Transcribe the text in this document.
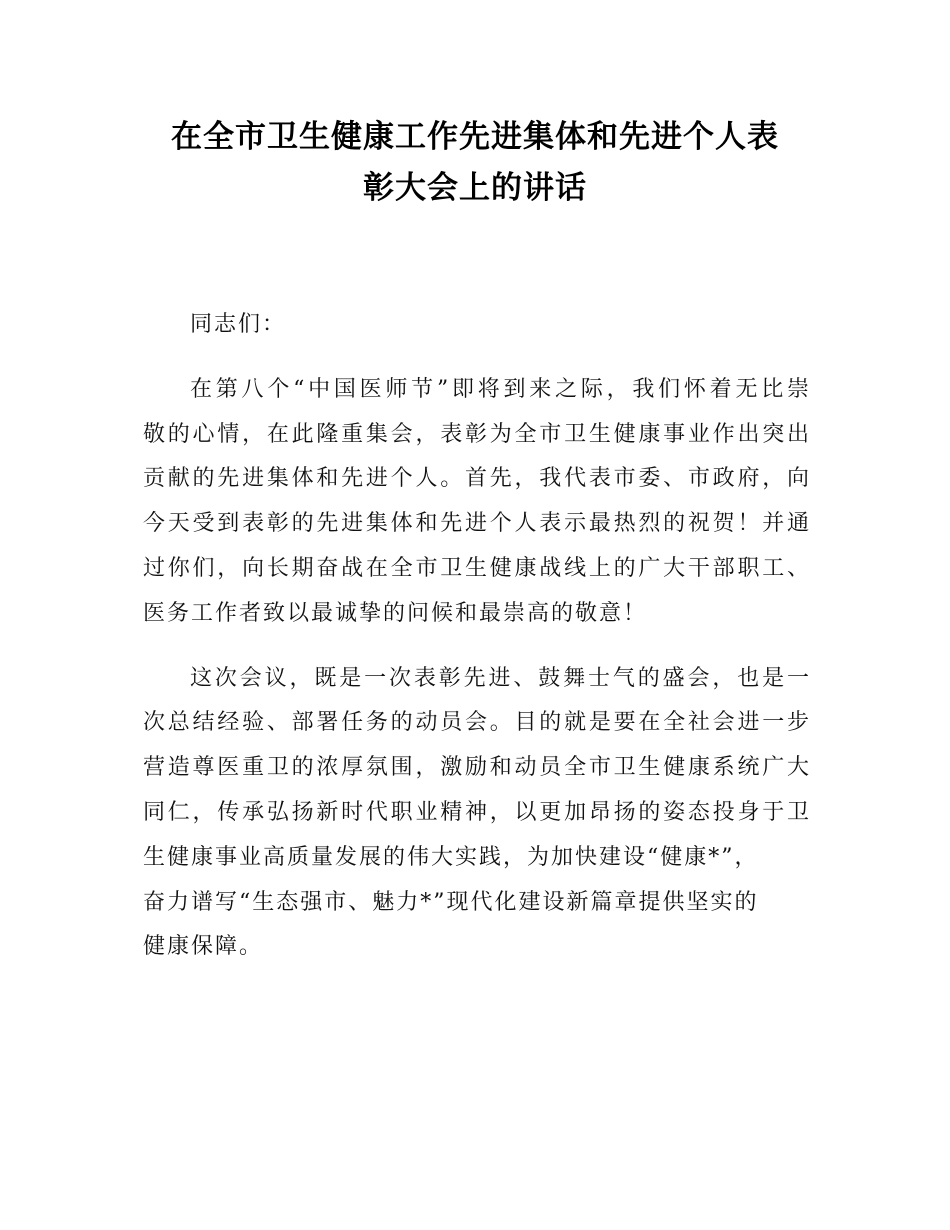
在全市卫生健康工作先进集体和先进个人表
彰大会上的讲话
同志们：
在第八个“中国医师节”即将到来之际，我们怀着无比崇
敬的心情，在此隆重集会，表彰为全市卫生健康事业作出突出
贡献的先进集体和先进个人。首先，我代表市委、市政府，向
今天受到表彰的先进集体和先进个人表示最热烈的祝贺！并通
过你们，向长期奋战在全市卫生健康战线上的广大干部职工、
医务工作者致以最诚挚的问候和最崇高的敬意！
这次会议，既是一次表彰先进、鼓舞士气的盛会，也是一
次总结经验、部署任务的动员会。目的就是要在全社会进一步
营造尊医重卫的浓厚氛围，激励和动员全市卫生健康系统广大
同仁，传承弘扬新时代职业精神，以更加昂扬的姿态投身于卫
生健康事业高质量发展的伟大实践，为加快建设“健康*”，
奋力谱写“生态强市、魅力*”现代化建设新篇章提供坚实的
健康保障。
